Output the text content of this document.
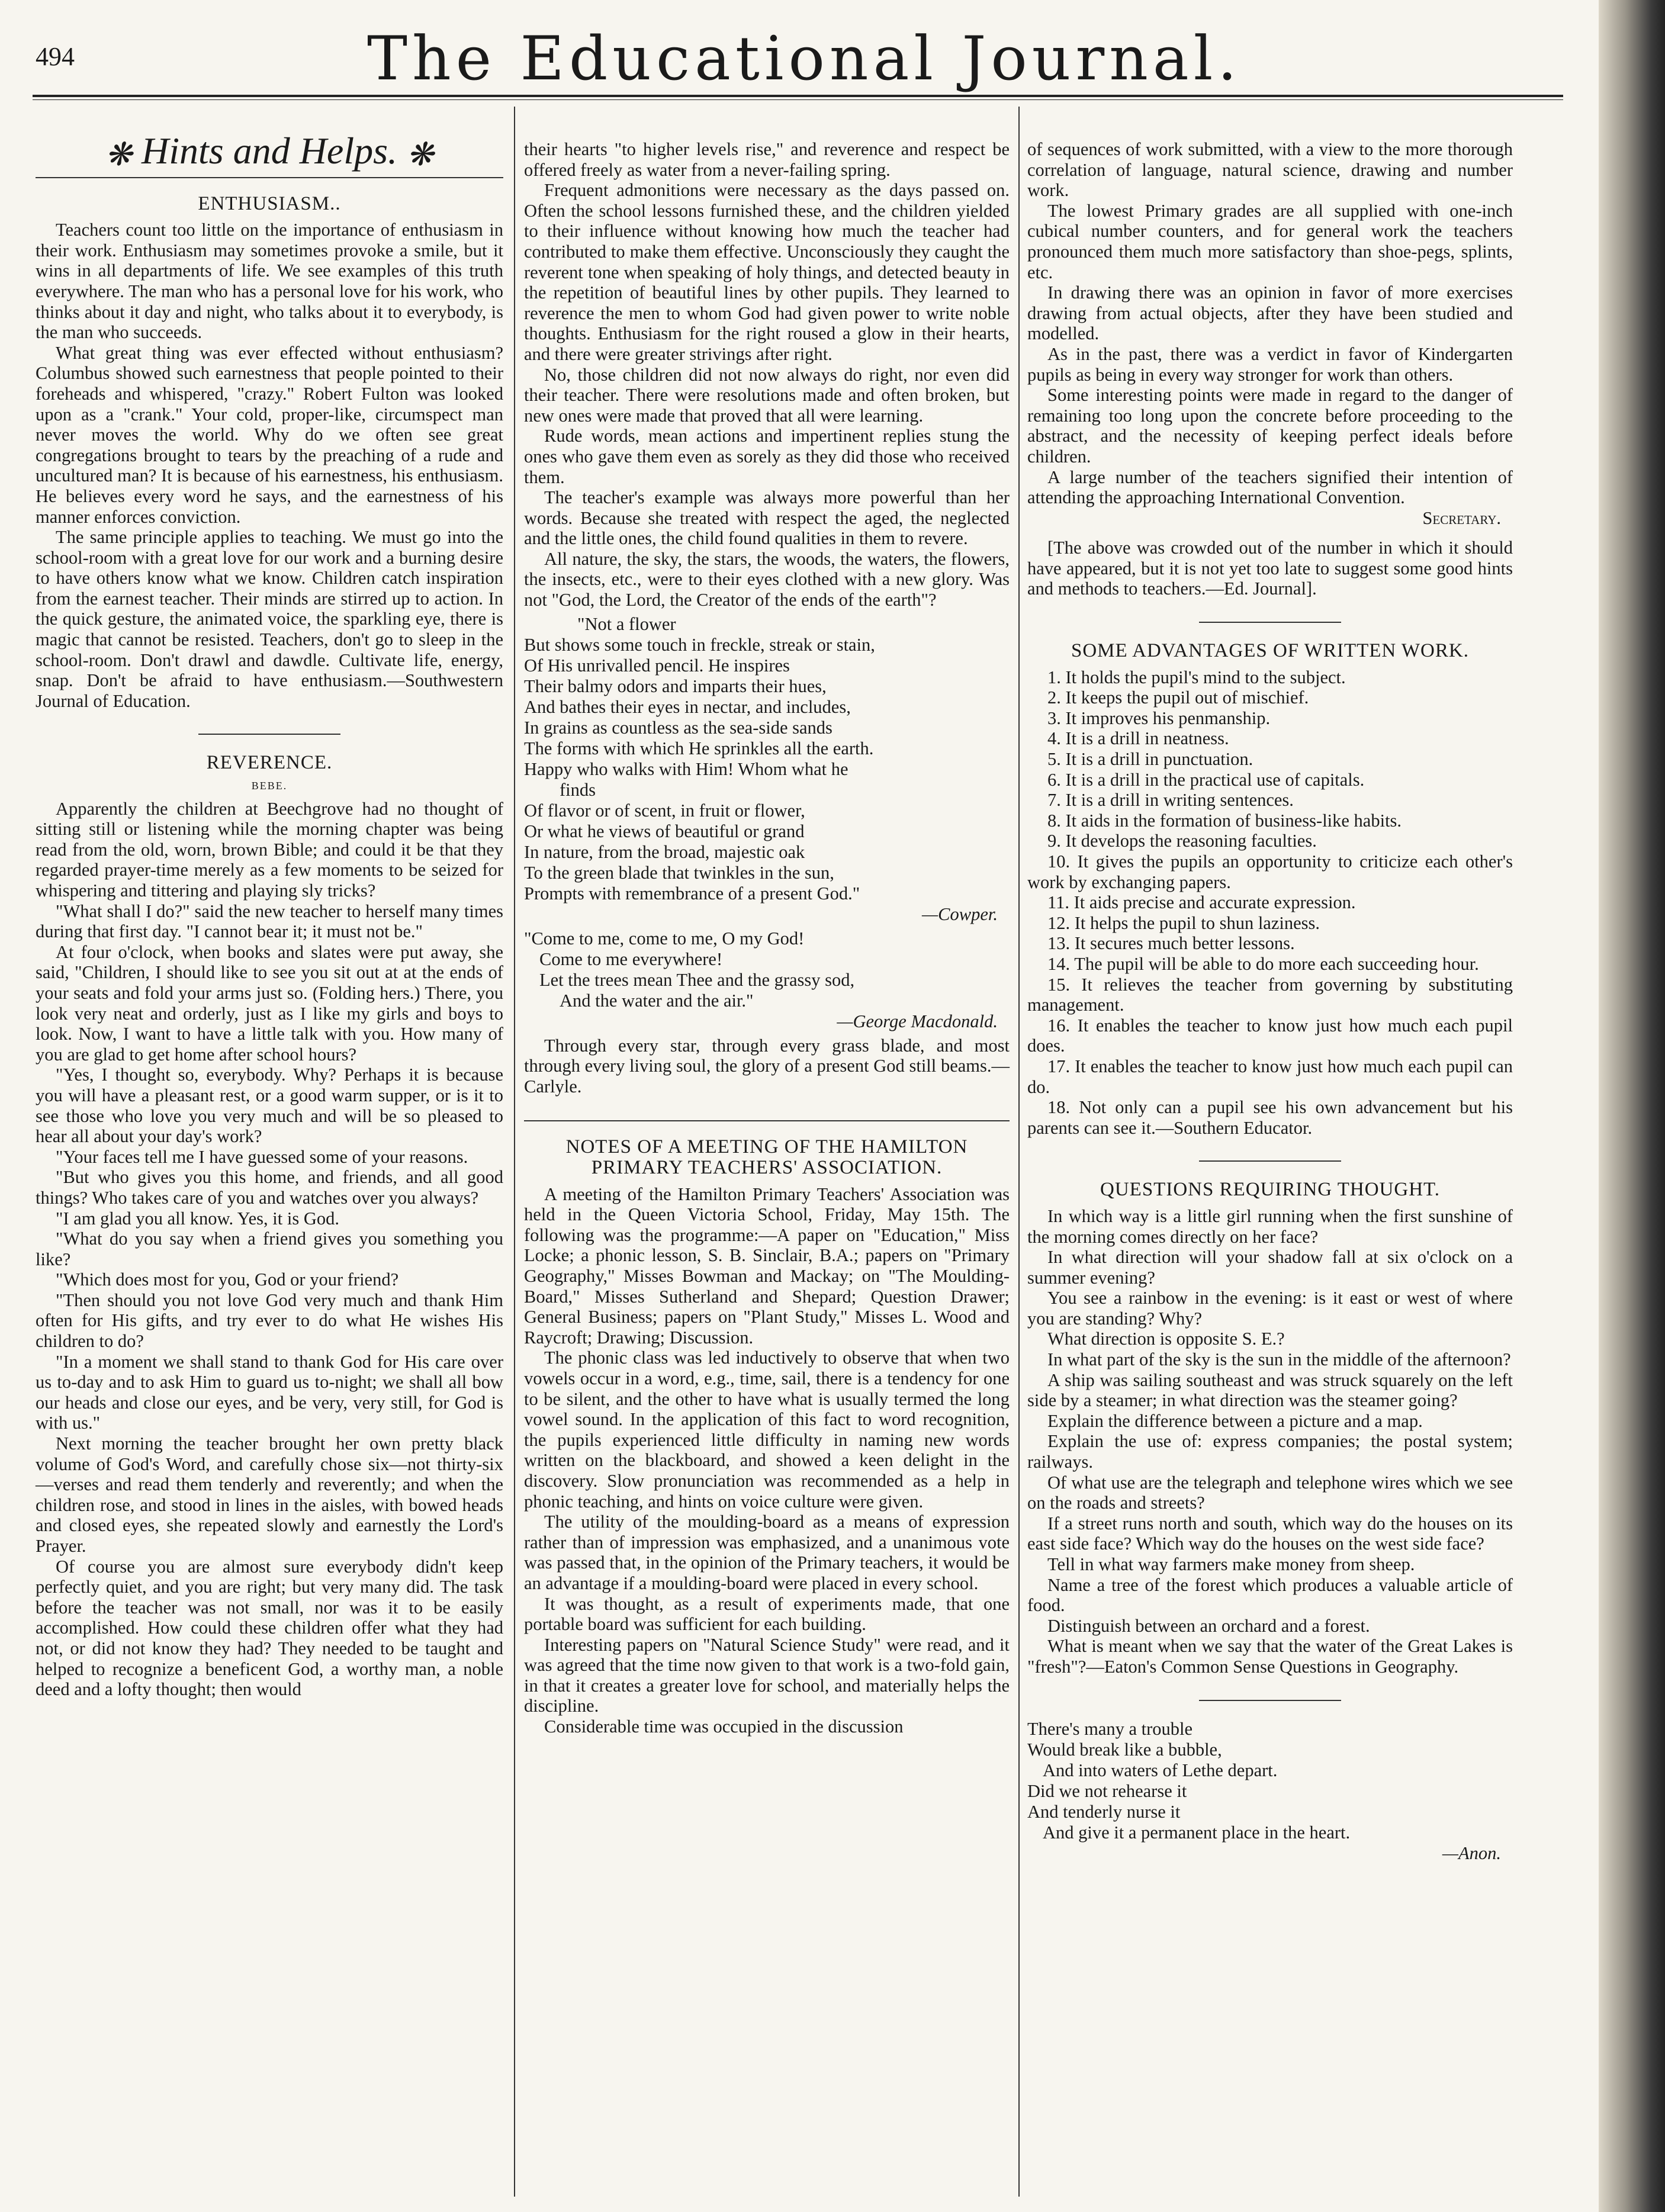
494	The Educational Journal.
❋ Hints and Helps. ❋
ENTHUSIASM..

Teachers count too little on the importance of enthusiasm in their work. Enthusiasm may sometimes provoke a smile, but it wins in all departments of life. We see examples of this truth everywhere. The man who has a personal love for his work, who thinks about it day and night, who talks about it to everybody, is the man who succeeds.

What great thing was ever effected without enthusiasm? Columbus showed such earnestness that people pointed to their foreheads and whispered, "crazy." Robert Fulton was looked upon as a "crank." Your cold, proper-like, circumspect man never moves the world. Why do we often see great congregations brought to tears by the preaching of a rude and uncultured man? It is because of his earnestness, his enthusiasm. He believes every word he says, and the earnestness of his manner enforces conviction.

The same principle applies to teaching. We must go into the school-room with a great love for our work and a burning desire to have others know what we know. Children catch inspiration from the earnest teacher. Their minds are stirred up to action. In the quick gesture, the animated voice, the sparkling eye, there is magic that cannot be resisted. Teachers, don't go to sleep in the school-room. Don't drawl and dawdle. Cultivate life, energy, snap. Don't be afraid to have enthusiasm.—Southwestern Journal of Education.

REVERENCE.
BEBE.

Apparently the children at Beechgrove had no thought of sitting still or listening while the morning chapter was being read from the old, worn, brown Bible; and could it be that they regarded prayer-time merely as a few moments to be seized for whispering and tittering and playing sly tricks?

"What shall I do?" said the new teacher to herself many times during that first day. "I cannot bear it; it must not be."

At four o'clock, when books and slates were put away, she said, "Children, I should like to see you sit out at at the ends of your seats and fold your arms just so. (Folding hers.) There, you look very neat and orderly, just as I like my girls and boys to look. Now, I want to have a little talk with you. How many of you are glad to get home after school hours?

"Yes, I thought so, everybody. Why? Perhaps it is because you will have a pleasant rest, or a good warm supper, or is it to see those who love you very much and will be so pleased to hear all about your day's work?

"Your faces tell me I have guessed some of your reasons.

"But who gives you this home, and friends, and all good things? Who takes care of you and watches over you always?

"I am glad you all know. Yes, it is God.

"What do you say when a friend gives you something you like?

"Which does most for you, God or your friend?

"Then should you not love God very much and thank Him often for His gifts, and try ever to do what He wishes His children to do?

"In a moment we shall stand to thank God for His care over us to-day and to ask Him to guard us to-night; we shall all bow our heads and close our eyes, and be very, very still, for God is with us."

Next morning the teacher brought her own pretty black volume of God's Word, and carefully chose six—not thirty-six—verses and read them tenderly and reverently; and when the children rose, and stood in lines in the aisles, with bowed heads and closed eyes, she repeated slowly and earnestly the Lord's Prayer.

Of course you are almost sure everybody didn't keep perfectly quiet, and you are right; but very many did. The task before the teacher was not small, nor was it to be easily accomplished. How could these children offer what they had not, or did not know they had? They needed to be taught and helped to recognize a beneficent God, a worthy man, a noble deed and a lofty thought; then would

their hearts "to higher levels rise," and reverence and respect be offered freely as water from a never-failing spring.

Frequent admonitions were necessary as the days passed on. Often the school lessons furnished these, and the children yielded to their influence without knowing how much the teacher had contributed to make them effective. Unconsciously they caught the reverent tone when speaking of holy things, and detected beauty in the repetition of beautiful lines by other pupils. They learned to reverence the men to whom God had given power to write noble thoughts. Enthusiasm for the right roused a glow in their hearts, and there were greater strivings after right.

No, those children did not now always do right, nor even did their teacher. There were resolutions made and often broken, but new ones were made that proved that all were learning.

Rude words, mean actions and impertinent replies stung the ones who gave them even as sorely as they did those who received them.

The teacher's example was always more powerful than her words. Because she treated with respect the aged, the neglected and the little ones, the child found qualities in them to revere.

All nature, the sky, the stars, the woods, the waters, the flowers, the insects, etc., were to their eyes clothed with a new glory. Was not "God, the Lord, the Creator of the ends of the earth"?

"Not a flower
But shows some touch in freckle, streak or stain,
Of His unrivalled pencil. He inspires
Their balmy odors and imparts their hues,
And bathes their eyes in nectar, and includes,
In grains as countless as the sea-side sands
The forms with which He sprinkles all the earth.
Happy who walks with Him! Whom what he
finds
Of flavor or of scent, in fruit or flower,
Or what he views of beautiful or grand
In nature, from the broad, majestic oak
To the green blade that twinkles in the sun,
Prompts with remembrance of a present God."
—Cowper.
"Come to me, come to me, O my God!
Come to me everywhere!
Let the trees mean Thee and the grassy sod,
And the water and the air."
—George Macdonald.

Through every star, through every grass blade, and most through every living soul, the glory of a present God still beams.—Carlyle.

NOTES OF A MEETING OF THE HAMILTON PRIMARY TEACHERS' ASSOCIATION.

A meeting of the Hamilton Primary Teachers' Association was held in the Queen Victoria School, Friday, May 15th. The following was the programme:—A paper on "Education," Miss Locke; a phonic lesson, S. B. Sinclair, B.A.; papers on "Primary Geography," Misses Bowman and Mackay; on "The Moulding-Board," Misses Sutherland and Shepard; Question Drawer; General Business; papers on "Plant Study," Misses L. Wood and Raycroft; Drawing; Discussion.

The phonic class was led inductively to observe that when two vowels occur in a word, e.g., time, sail, there is a tendency for one to be silent, and the other to have what is usually termed the long vowel sound. In the application of this fact to word recognition, the pupils experienced little difficulty in naming new words written on the blackboard, and showed a keen delight in the discovery. Slow pronunciation was recommended as a help in phonic teaching, and hints on voice culture were given.

The utility of the moulding-board as a means of expression rather than of impression was emphasized, and a unanimous vote was passed that, in the opinion of the Primary teachers, it would be an advantage if a moulding-board were placed in every school.

It was thought, as a result of experiments made, that one portable board was sufficient for each building.

Interesting papers on "Natural Science Study" were read, and it was agreed that the time now given to that work is a two-fold gain, in that it creates a greater love for school, and materially helps the discipline.

Considerable time was occupied in the discussion

of sequences of work submitted, with a view to the more thorough correlation of language, natural science, drawing and number work.

The lowest Primary grades are all supplied with one-inch cubical number counters, and for general work the teachers pronounced them much more satisfactory than shoe-pegs, splints, etc.

In drawing there was an opinion in favor of more exercises drawing from actual objects, after they have been studied and modelled.

As in the past, there was a verdict in favor of Kindergarten pupils as being in every way stronger for work than others.

Some interesting points were made in regard to the danger of remaining too long upon the concrete before proceeding to the abstract, and the necessity of keeping perfect ideals before children.

A large number of the teachers signified their intention of attending the approaching International Convention.

Secretary.

[The above was crowded out of the number in which it should have appeared, but it is not yet too late to suggest some good hints and methods to teachers.—Ed. Journal].

SOME ADVANTAGES OF WRITTEN WORK.
1. It holds the pupil's mind to the subject.
2. It keeps the pupil out of mischief.
3. It improves his penmanship.
4. It is a drill in neatness.
5. It is a drill in punctuation.
6. It is a drill in the practical use of capitals.
7. It is a drill in writing sentences.
8. It aids in the formation of business-like habits.
9. It develops the reasoning faculties.
10. It gives the pupils an opportunity to criticize each other's work by exchanging papers.
11. It aids precise and accurate expression.
12. It helps the pupil to shun laziness.
13. It secures much better lessons.
14. The pupil will be able to do more each succeeding hour.
15. It relieves the teacher from governing by substituting management.
16. It enables the teacher to know just how much each pupil does.
17. It enables the teacher to know just how much each pupil can do.
18. Not only can a pupil see his own advancement but his parents can see it.—Southern Educator.
QUESTIONS REQUIRING THOUGHT.

In which way is a little girl running when the first sunshine of the morning comes directly on her face?

In what direction will your shadow fall at six o'clock on a summer evening?

You see a rainbow in the evening: is it east or west of where you are standing? Why?

What direction is opposite S. E.?

In what part of the sky is the sun in the middle of the afternoon?

A ship was sailing southeast and was struck squarely on the left side by a steamer; in what direction was the steamer going?

Explain the difference between a picture and a map.

Explain the use of: express companies; the postal system; railways.

Of what use are the telegraph and telephone wires which we see on the roads and streets?

If a street runs north and south, which way do the houses on its east side face? Which way do the houses on the west side face?

Tell in what way farmers make money from sheep.

Name a tree of the forest which produces a valuable article of food.

Distinguish between an orchard and a forest.

What is meant when we say that the water of the Great Lakes is "fresh"?—Eaton's Common Sense Questions in Geography.

There's many a trouble
Would break like a bubble,
And into waters of Lethe depart.
Did we not rehearse it
And tenderly nurse it
And give it a permanent place in the heart.
—Anon.
